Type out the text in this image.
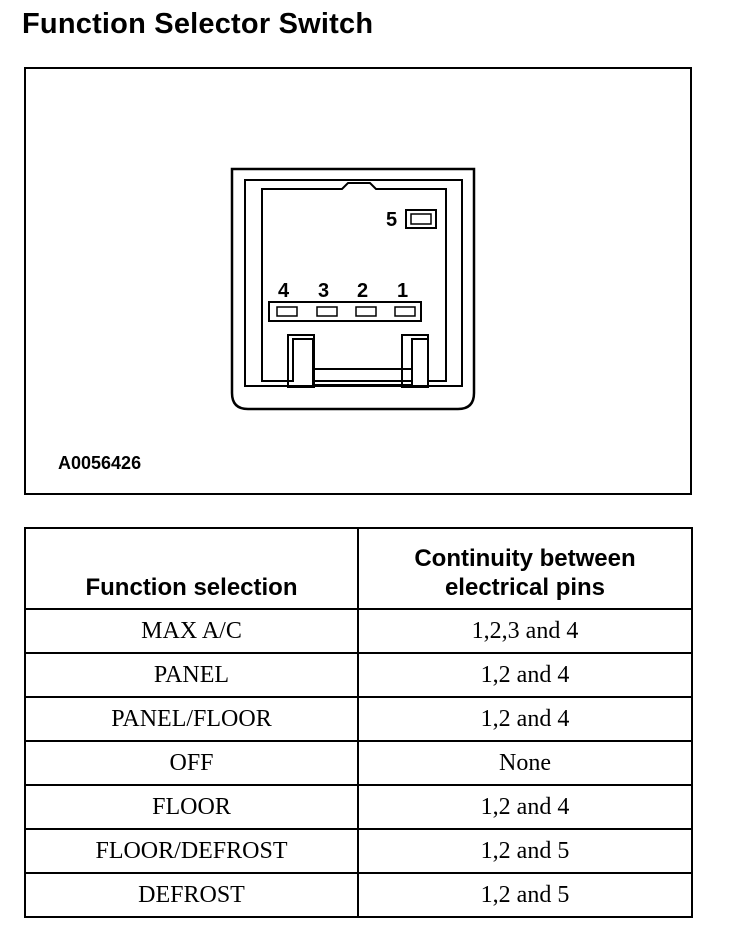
Function Selector Switch
5
4 3 2 1
A0056426
Function selection	Continuity between
electrical pins

MAX A/C	1,2,3 and 4
PANEL	1,2 and 4
PANEL/FLOOR	1,2 and 4
OFF	None
FLOOR	1,2 and 4
FLOOR/DEFROST	1,2 and 5
DEFROST	1,2 and 5
